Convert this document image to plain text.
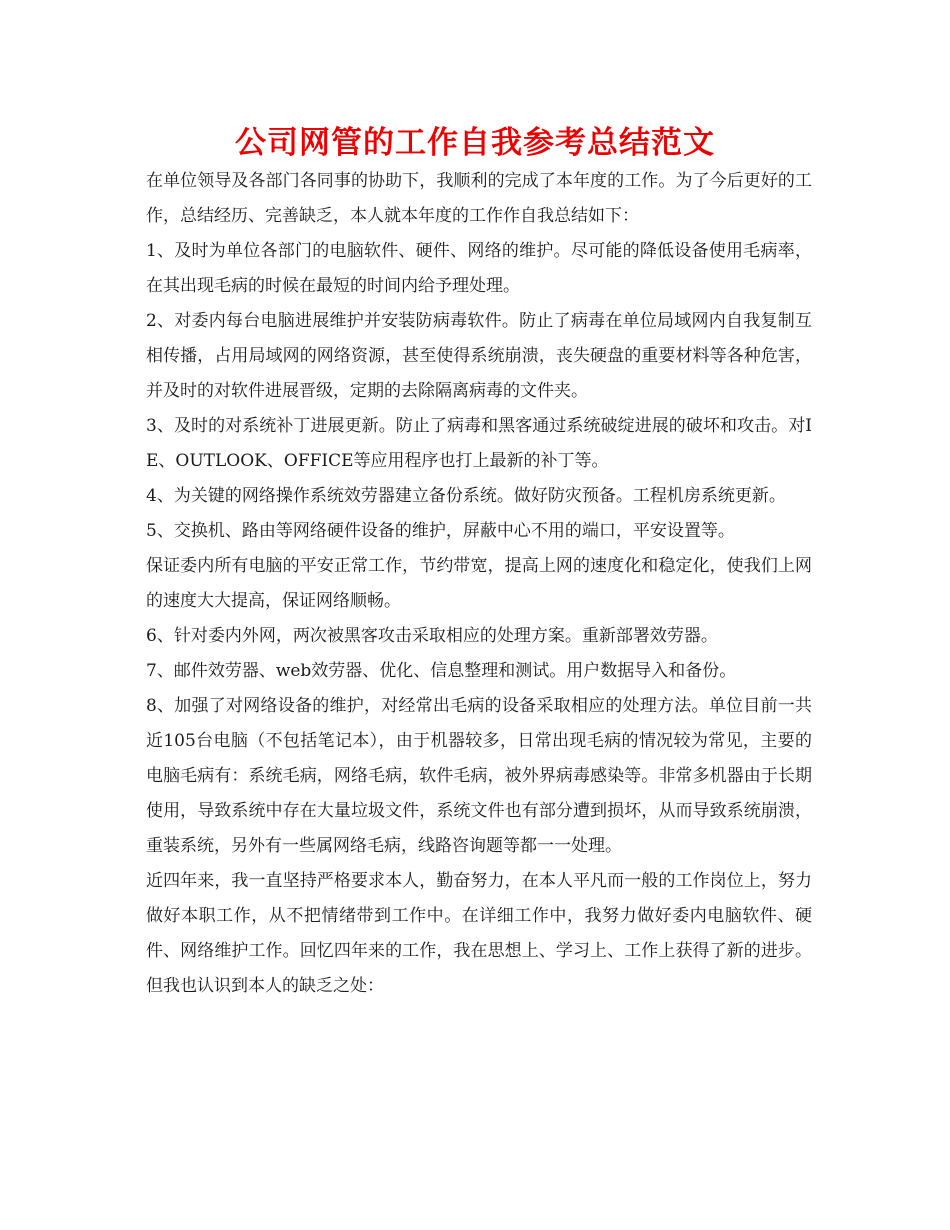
公司网管的工作自我参考总结范文

在单位领导及各部门各同事的协助下，我顺利的完成了本年度的工作。为了今后更好的工作，总结经历、完善缺乏，本人就本年度的工作作自我总结如下：

1、及时为单位各部门的电脑软件、硬件、网络的维护。尽可能的降低设备使用毛病率，在其出现毛病的时候在最短的时间内给予理处理。

2、对委内每台电脑进展维护并安装防病毒软件。防止了病毒在单位局域网内自我复制互相传播，占用局域网的网络资源，甚至使得系统崩溃，丧失硬盘的重要材料等各种危害，并及时的对软件进展晋级，定期的去除隔离病毒的文件夹。

3、及时的对系统补丁进展更新。防止了病毒和黑客通过系统破绽进展的破坏和攻击。对IE、OUTLOOK、OFFICE等应用程序也打上最新的补丁等。

4、为关键的网络操作系统效劳器建立备份系统。做好防灾预备。工程机房系统更新。

5、交换机、路由等网络硬件设备的维护，屏蔽中心不用的端口，平安设置等。

保证委内所有电脑的平安正常工作，节约带宽，提高上网的速度化和稳定化，使我们上网的速度大大提高，保证网络顺畅。

6、针对委内外网，两次被黑客攻击采取相应的处理方案。重新部署效劳器。

7、邮件效劳器、web效劳器、优化、信息整理和测试。用户数据导入和备份。

8、加强了对网络设备的维护，对经常出毛病的设备采取相应的处理方法。单位目前一共近105台电脑（不包括笔记本），由于机器较多，日常出现毛病的情况较为常见，主要的电脑毛病有：系统毛病，网络毛病，软件毛病，被外界病毒感染等。非常多机器由于长期使用，导致系统中存在大量垃圾文件，系统文件也有部分遭到损坏，从而导致系统崩溃，重装系统，另外有一些属网络毛病，线路咨询题等都一一处理。

近四年来，我一直坚持严格要求本人，勤奋努力，在本人平凡而一般的工作岗位上，努力做好本职工作，从不把情绪带到工作中。在详细工作中，我努力做好委内电脑软件、硬件、网络维护工作。回忆四年来的工作，我在思想上、学习上、工作上获得了新的进步。但我也认识到本人的缺乏之处：
